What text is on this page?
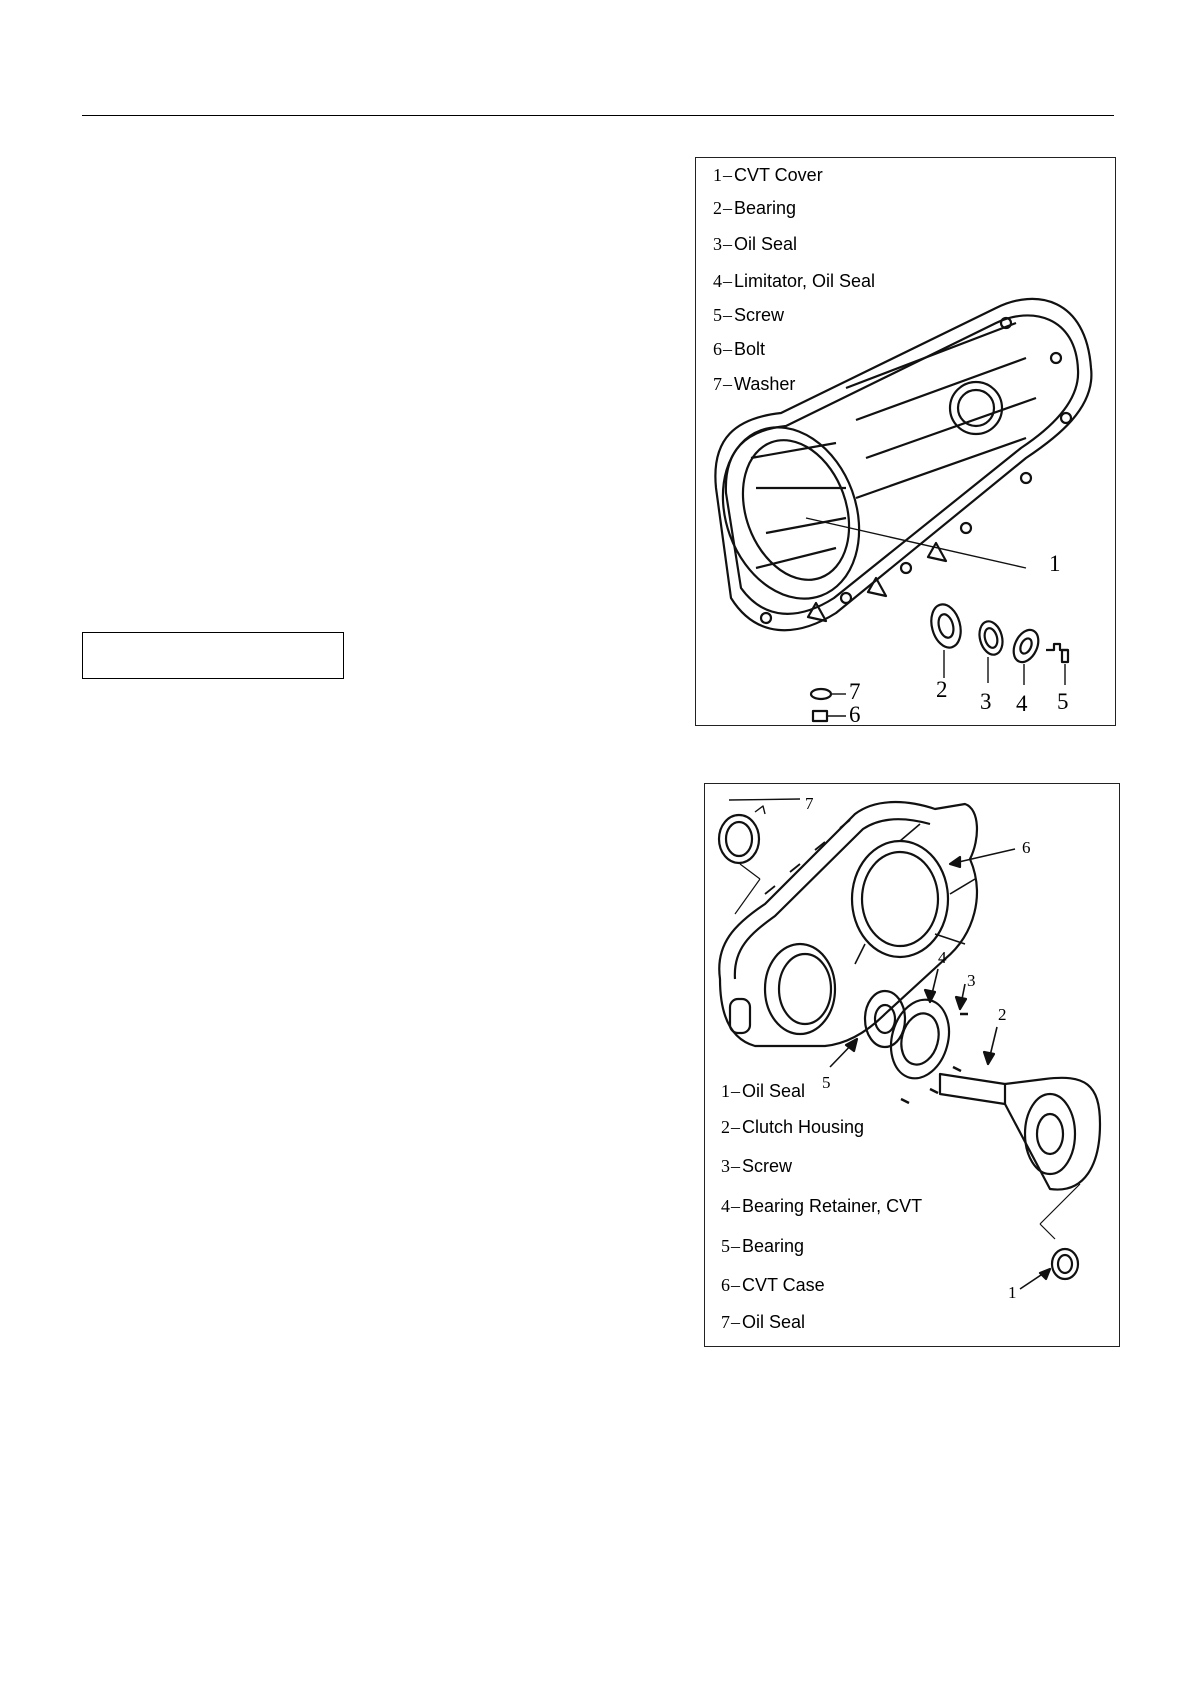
1– CVT Cover
2– Bearing
3– Oil Seal
4– Limitator, Oil Seal
5– Screw
6– Bolt
7– Washer
1
2 3 4 5
6
7
7
6
4
3
2
5
1
1– Oil Seal
2– Clutch Housing
3– Screw
4– Bearing Retainer, CVT
5– Bearing
6– CVT Case
7– Oil Seal
